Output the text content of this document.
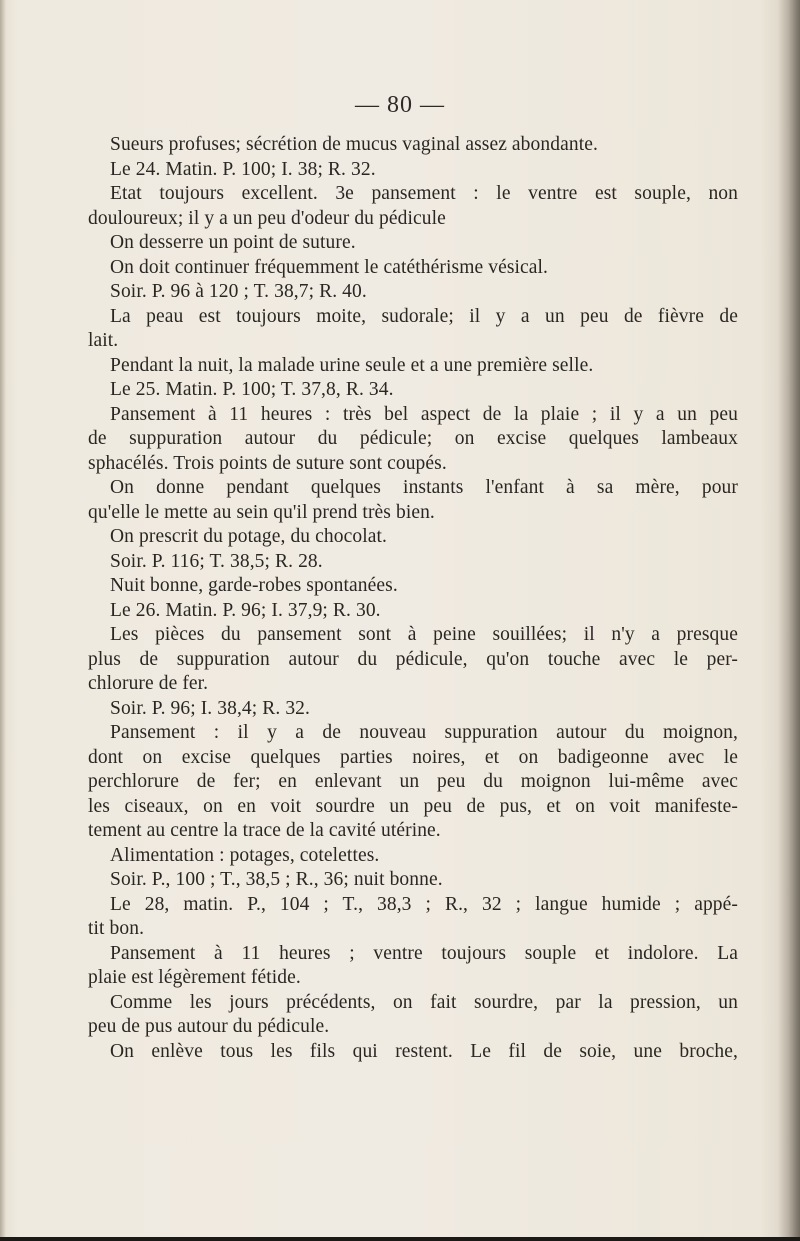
— 80 —
Sueurs profuses; sécrétion de mucus vaginal assez abondante.
Le 24. Matin. P. 100; I. 38; R. 32.
Etat toujours excellent. 3e pansement : le ventre est souple, non
douloureux; il y a un peu d'odeur du pédicule
On desserre un point de suture.
On doit continuer fréquemment le catéthérisme vésical.
Soir. P. 96 à 120 ; T. 38,7; R. 40.
La peau est toujours moite, sudorale; il y a un peu de fièvre de
lait.
Pendant la nuit, la malade urine seule et a une première selle.
Le 25. Matin. P. 100; T. 37,8, R. 34.
Pansement à 11 heures : très bel aspect de la plaie ; il y a un peu
de suppuration autour du pédicule; on excise quelques lambeaux
sphacélés. Trois points de suture sont coupés.
On donne pendant quelques instants l'enfant à sa mère, pour
qu'elle le mette au sein qu'il prend très bien.
On prescrit du potage, du chocolat.
Soir. P. 116; T. 38,5; R. 28.
Nuit bonne, garde-robes spontanées.
Le 26. Matin. P. 96; I. 37,9; R. 30.
Les pièces du pansement sont à peine souillées; il n'y a presque
plus de suppuration autour du pédicule, qu'on touche avec le per-
chlorure de fer.
Soir. P. 96; I. 38,4; R. 32.
Pansement : il y a de nouveau suppuration autour du moignon,
dont on excise quelques parties noires, et on badigeonne avec le
perchlorure de fer; en enlevant un peu du moignon lui-même avec
les ciseaux, on en voit sourdre un peu de pus, et on voit manifeste-
tement au centre la trace de la cavité utérine.
Alimentation : potages, cotelettes.
Soir. P., 100 ; T., 38,5 ; R., 36; nuit bonne.
Le 28, matin. P., 104 ; T., 38,3 ; R., 32 ; langue humide ; appé-
tit bon.
Pansement à 11 heures ; ventre toujours souple et indolore. La
plaie est légèrement fétide.
Comme les jours précédents, on fait sourdre, par la pression, un
peu de pus autour du pédicule.
On enlève tous les fils qui restent. Le fil de soie, une broche,
